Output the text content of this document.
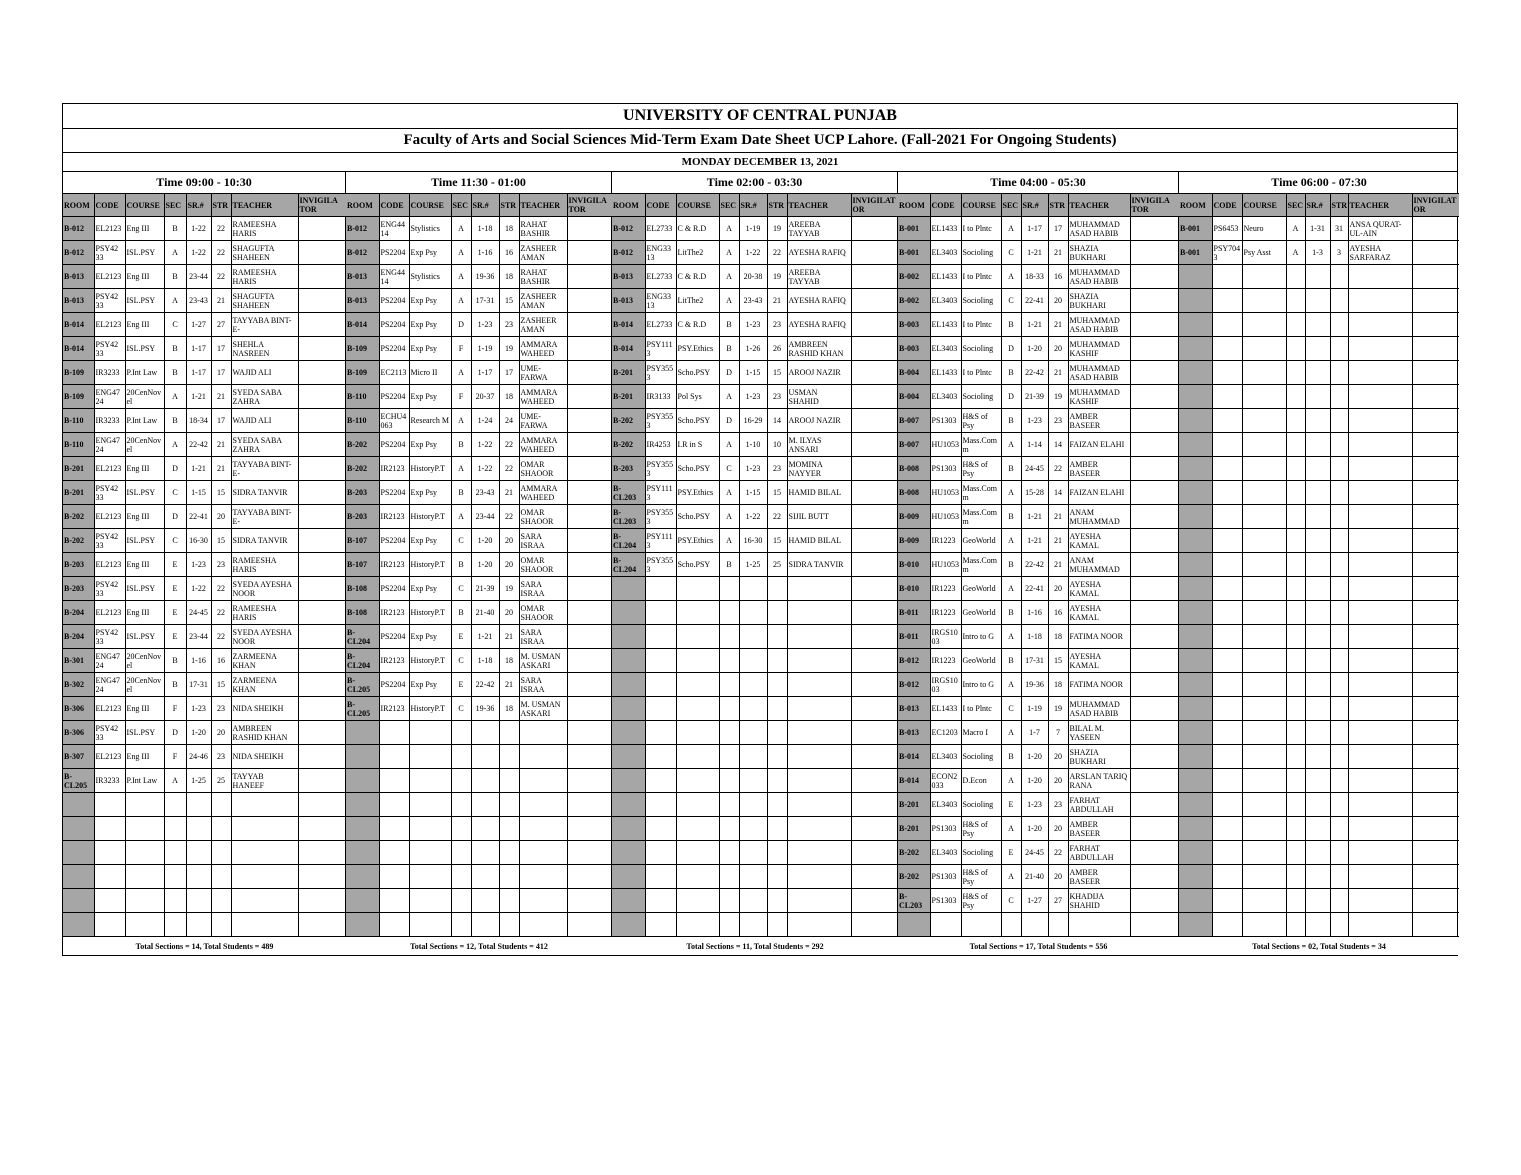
UNIVERSITY OF CENTRAL PUNJAB
Faculty of Arts and Social Sciences Mid-Term Exam Date Sheet UCP Lahore. (Fall-2021 For Ongoing Students)
MONDAY DECEMBER 13, 2021
Time 09:00 - 10:30
ROOM	CODE	COURSE	SEC	SR.#	STR	TEACHER	INVIGILA TOR
B-012	EL2123	Eng III	B	1-22	22	RAMEESHA HARIS	
B-012	PSY42 33	ISL.PSY	A	1-22	22	SHAGUFTA SHAHEEN	
B-013	EL2123	Eng III	B	23-44	22	RAMEESHA HARIS	
B-013	PSY42 33	ISL.PSY	A	23-43	21	SHAGUFTA SHAHEEN	
B-014	EL2123	Eng III	C	1-27	27	TAYYABA BINT-E-	
B-014	PSY42 33	ISL.PSY	B	1-17	17	SHEHLA NASREEN	
B-109	IR3233	P.Int Law	B	1-17	17	WAJID ALI	
B-109	ENG47 24	20CenNov el	A	1-21	21	SYEDA SABA ZAHRA	
B-110	IR3233	P.Int Law	B	18-34	17	WAJID ALI	
B-110	ENG47 24	20CenNov el	A	22-42	21	SYEDA SABA ZAHRA	
B-201	EL2123	Eng III	D	1-21	21	TAYYABA BINT-E-	
B-201	PSY42 33	ISL.PSY	C	1-15	15	SIDRA TANVIR	
B-202	EL2123	Eng III	D	22-41	20	TAYYABA BINT-E-	
B-202	PSY42 33	ISL.PSY	C	16-30	15	SIDRA TANVIR	
B-203	EL2123	Eng III	E	1-23	23	RAMEESHA HARIS	
B-203	PSY42 33	ISL.PSY	E	1-22	22	SYEDA AYESHA NOOR	
B-204	EL2123	Eng III	E	24-45	22	RAMEESHA HARIS	
B-204	PSY42 33	ISL.PSY	E	23-44	22	SYEDA AYESHA NOOR	
B-301	ENG47 24	20CenNov el	B	1-16	16	ZARMEENA KHAN	
B-302	ENG47 24	20CenNov el	B	17-31	15	ZARMEENA KHAN	
B-306	EL2123	Eng III	F	1-23	23	NIDA SHEIKH	
B-306	PSY42 33	ISL.PSY	D	1-20	20	AMBREEN RASHID KHAN	
B-307	EL2123	Eng III	F	24-46	23	NIDA SHEIKH	
B-CL205	IR3233	P.Int Law	A	1-25	25	TAYYAB HANEEF	

Total Sections = 14, Total Students = 489							
Time 11:30 - 01:00
ROOM	CODE	COURSE	SEC	SR.#	STR	TEACHER	INVIGILA TOR
B-012	ENG44 14	Stylistics	A	1-18	18	RAHAT BASHIR	
B-012	PS2204	Exp Psy	A	1-16	16	ZASHEER AMAN	
B-013	ENG44 14	Stylistics	A	19-36	18	RAHAT BASHIR	
B-013	PS2204	Exp Psy	A	17-31	15	ZASHEER AMAN	
B-014	PS2204	Exp Psy	D	1-23	23	ZASHEER AMAN	
B-109	PS2204	Exp Psy	F	1-19	19	AMMARA WAHEED	
B-109	EC2113	Micro II	A	1-17	17	UME-FARWA	
B-110	PS2204	Exp Psy	F	20-37	18	AMMARA WAHEED	
B-110	ECHU4 063	Research M	A	1-24	24	UME-FARWA	
B-202	PS2204	Exp Psy	B	1-22	22	AMMARA WAHEED	
B-202	IR2123	HistoryP.T	A	1-22	22	OMAR SHAOOR	
B-203	PS2204	Exp Psy	B	23-43	21	AMMARA WAHEED	
B-203	IR2123	HistoryP.T	A	23-44	22	OMAR SHAOOR	
B-107	PS2204	Exp Psy	C	1-20	20	SARA ISRAA	
B-107	IR2123	HistoryP.T	B	1-20	20	OMAR SHAOOR	
B-108	PS2204	Exp Psy	C	21-39	19	SARA ISRAA	
B-108	IR2123	HistoryP.T	B	21-40	20	OMAR SHAOOR	
B-CL204	PS2204	Exp Psy	E	1-21	21	SARA ISRAA	
B-CL204	IR2123	HistoryP.T	C	1-18	18	M. USMAN ASKARI	
B-CL205	PS2204	Exp Psy	E	22-42	21	SARA ISRAA	
B-CL205	IR2123	HistoryP.T	C	19-36	18	M. USMAN ASKARI	

Total Sections = 12, Total Students = 412							
Time 02:00 - 03:30
ROOM	CODE	COURSE	SEC	SR.#	STR	TEACHER	INVIGILAT OR
B-012	EL2733	C & R.D	A	1-19	19	AREEBA TAYYAB	
B-012	ENG33 13	LitThe2	A	1-22	22	AYESHA RAFIQ	
B-013	EL2733	C & R.D	A	20-38	19	AREEBA TAYYAB	
B-013	ENG33 13	LitThe2	A	23-43	21	AYESHA RAFIQ	
B-014	EL2733	C & R.D	B	1-23	23	AYESHA RAFIQ	
B-014	PSY111 3	PSY.Ethics	B	1-26	26	AMBREEN RASHID KHAN	
B-201	PSY355 3	Scho.PSY	D	1-15	15	AROOJ NAZIR	
B-201	IR3133	Pol Sys	A	1-23	23	USMAN SHAHID	
B-202	PSY355 3	Scho.PSY	D	16-29	14	AROOJ NAZIR	
B-202	IR4253	I.R in S	A	1-10	10	M. ILYAS ANSARI	
B-203	PSY355 3	Scho.PSY	C	1-23	23	MOMINA NAYYER	
B-CL203	PSY111 3	PSY.Ethics	A	1-15	15	HAMID BILAL	
B-CL203	PSY355 3	Scho.PSY	A	1-22	22	SIJIL BUTT	
B-CL204	PSY111 3	PSY.Ethics	A	16-30	15	HAMID BILAL	
B-CL204	PSY355 3	Scho.PSY	B	1-25	25	SIDRA TANVIR	

Total Sections = 11, Total Students = 292							
Time 04:00 - 05:30
ROOM	CODE	COURSE	SEC	SR.#	STR	TEACHER	INVIGILA TOR
B-001	EL1433	I to Plntc	A	1-17	17	MUHAMMAD ASAD HABIB	
B-001	EL3403	Socioling	C	1-21	21	SHAZIA BUKHARI	
B-002	EL1433	I to Plntc	A	18-33	16	MUHAMMAD ASAD HABIB	
B-002	EL3403	Socioling	C	22-41	20	SHAZIA BUKHARI	
B-003	EL1433	I to Plntc	B	1-21	21	MUHAMMAD ASAD HABIB	
B-003	EL3403	Socioling	D	1-20	20	MUHAMMAD KASHIF	
B-004	EL1433	I to Plntc	B	22-42	21	MUHAMMAD ASAD HABIB	
B-004	EL3403	Socioling	D	21-39	19	MUHAMMAD KASHIF	
B-007	PS1303	H&S of Psy	B	1-23	23	AMBER BASEER	
B-007	HU1053	Mass.Com m	A	1-14	14	FAIZAN ELAHI	
B-008	PS1303	H&S of Psy	B	24-45	22	AMBER BASEER	
B-008	HU1053	Mass.Com m	A	15-28	14	FAIZAN ELAHI	
B-009	HU1053	Mass.Com m	B	1-21	21	ANAM MUHAMMAD	
B-009	IR1223	GeoWorld	A	1-21	21	AYESHA KAMAL	
B-010	HU1053	Mass.Com m	B	22-42	21	ANAM MUHAMMAD	
B-010	IR1223	GeoWorld	A	22-41	20	AYESHA KAMAL	
B-011	IR1223	GeoWorld	B	1-16	16	AYESHA KAMAL	
B-011	IRGS10 03	Intro to G	A	1-18	18	FATIMA NOOR	
B-012	IR1223	GeoWorld	B	17-31	15	AYESHA KAMAL	
B-012	IRGS10 03	Intro to G	A	19-36	18	FATIMA NOOR	
B-013	EL1433	I to Plntc	C	1-19	19	MUHAMMAD ASAD HABIB	
B-013	EC1203	Macro I	A	1-7	7	BILAL M. YASEEN	
B-014	EL3403	Socioling	B	1-20	20	SHAZIA BUKHARI	
B-014	ECON2 033	D.Econ	A	1-20	20	ARSLAN TARIQ RANA	
B-201	EL3403	Socioling	E	1-23	23	FARHAT ABDULLAH	
B-201	PS1303	H&S of Psy	A	1-20	20	AMBER BASEER	
B-202	EL3403	Socioling	E	24-45	22	FARHAT ABDULLAH	
B-202	PS1303	H&S of Psy	A	21-40	20	AMBER BASEER	
B-CL203	PS1303	H&S of Psy	C	1-27	27	KHADIJA SHAHID	

Total Sections = 17, Total Students = 556							
Time 06:00 - 07:30
ROOM	CODE	COURSE	SEC	SR.#	STR	TEACHER	INVIGILAT OR
B-001	PS6453	Neuro	A	1-31	31	ANSA QURAT-UL-AIN	
B-001	PSY704 3	Psy Asst	A	1-3	3	AYESHA SARFARAZ	

Total Sections = 02, Total Students = 34							
